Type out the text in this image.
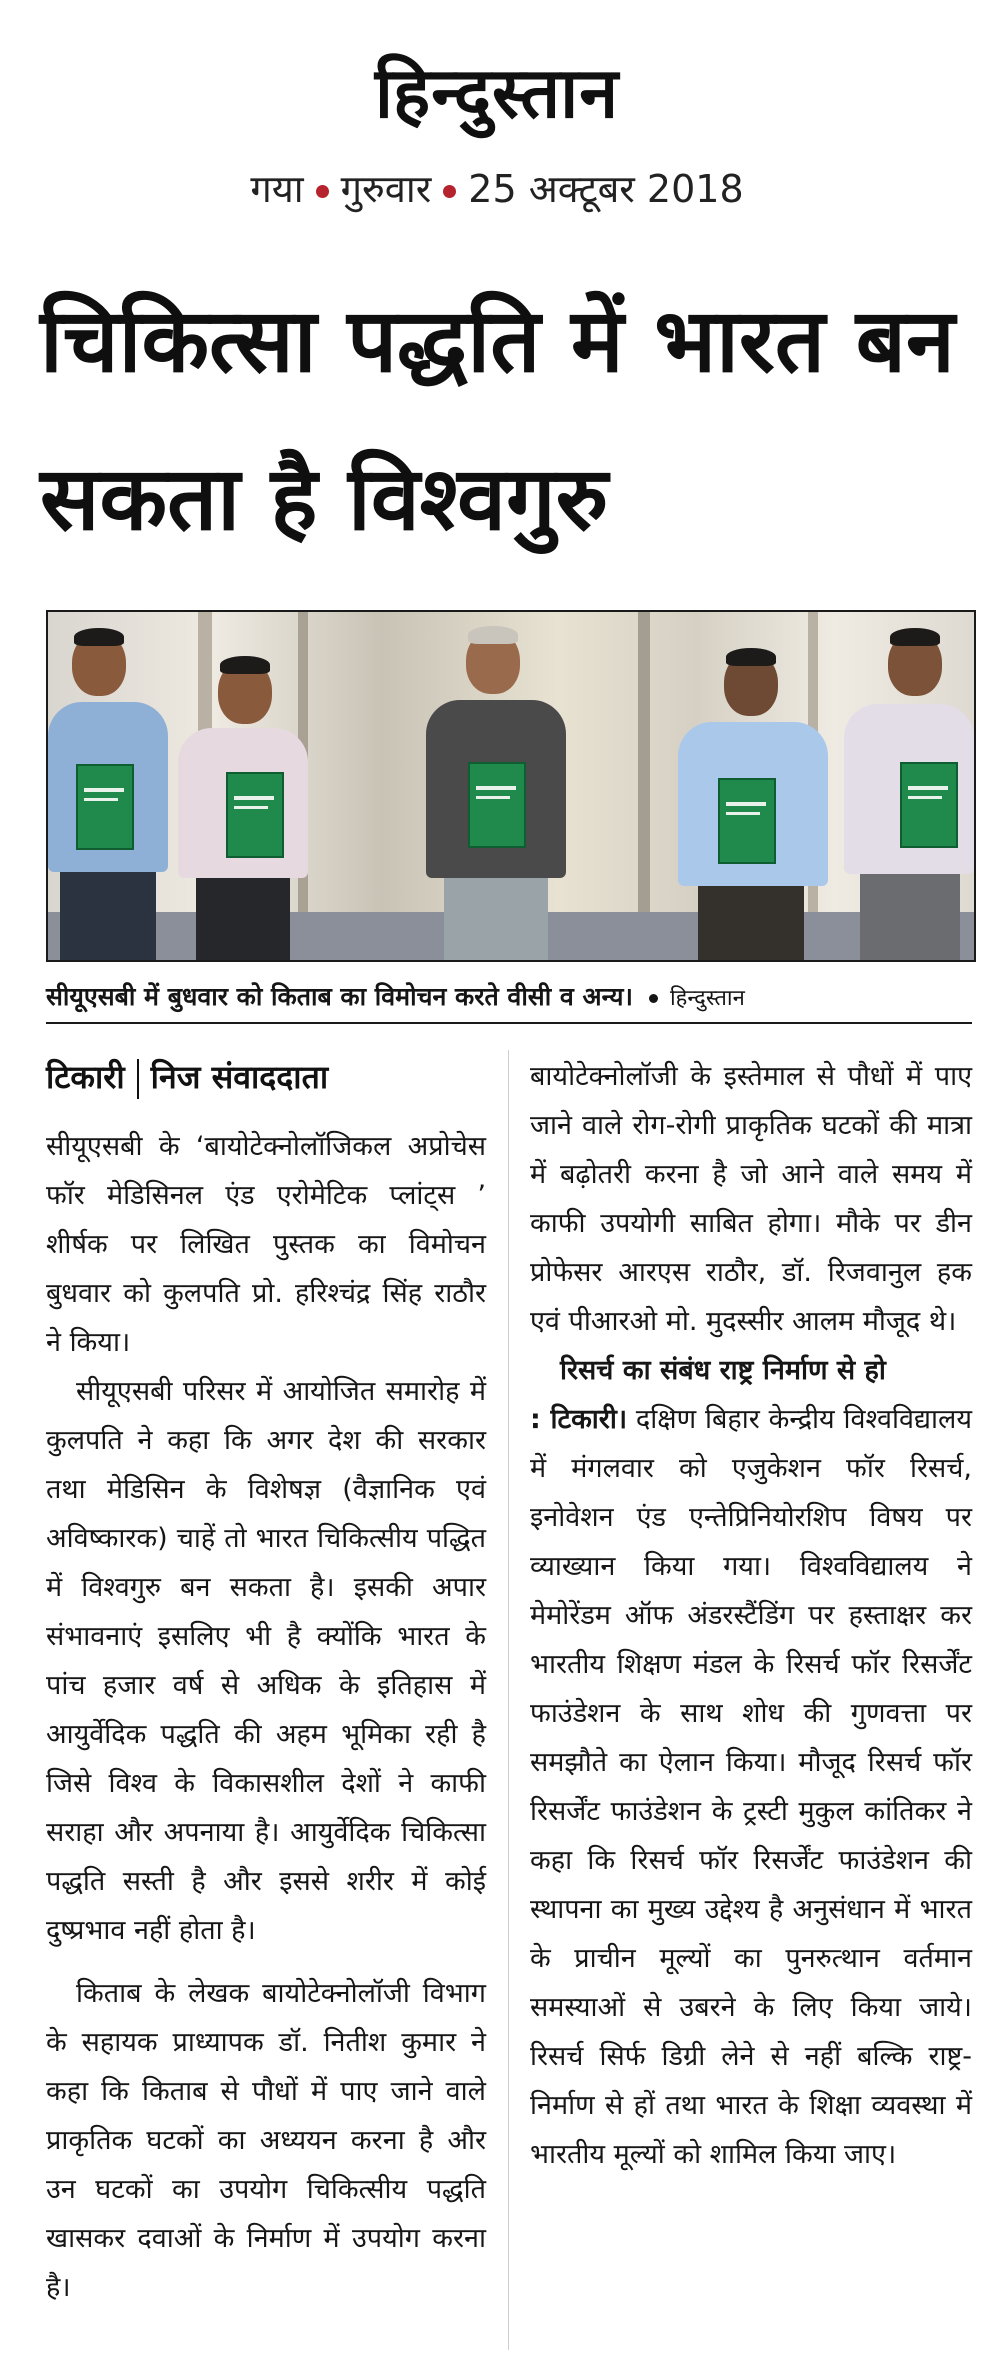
हिन्दुस्तान
गया गुरुवार 25 अक्टूबर 2018
चिकित्सा पद्धति में भारत बन सकता है विश्वगुरु
सीयूएसबी में बुधवार को किताब का विमोचन करते वीसी व अन्य। हिन्दुस्तान
टिकारी निज संवाददाता

सीयूएसबी के ‘बायोटेक्नोलॉजिकल अप्रोचेस फॉर मेडिसिनल एंड एरोमेटिक प्लांट्स ’ शीर्षक पर लिखित पुस्तक का विमोचन बुधवार को कुलपति प्रो. हरिश्चंद्र सिंह राठौर ने किया।

सीयूएसबी परिसर में आयोजित समारोह में कुलपति ने कहा कि अगर देश की सरकार तथा मेडिसिन के विशेषज्ञ (वैज्ञानिक एवं अविष्कारक) चाहें तो भारत चिकित्सीय पद्धित में विश्वगुरु बन सकता है। इसकी अपार संभावनाएं इसलिए भी है क्योंकि भारत के पांच हजार वर्ष से अधिक के इतिहास में आयुर्वेदिक पद्धति की अहम भूमिका रही है जिसे विश्व के विकासशील देशों ने काफी सराहा और अपनाया है। आयुर्वेदिक चिकित्सा पद्धति सस्ती है और इससे शरीर में कोई दुष्प्रभाव नहीं होता है।

किताब के लेखक बायोटेक्नोलॉजी विभाग के सहायक प्राध्यापक डॉ. नितीश कुमार ने कहा कि किताब से पौधों में पाए जाने वाले प्राकृतिक घटकों का अध्ययन करना है और उन घटकों का उपयोग चिकित्सीय पद्धति खासकर दवाओं के निर्माण में उपयोग करना है।

बायोटेक्नोलॉजी के इस्तेमाल से पौधों में पाए जाने वाले रोग-रोगी प्राकृतिक घटकों की मात्रा में बढ़ोतरी करना है जो आने वाले समय में काफी उपयोगी साबित होगा। मौके पर डीन प्रोफेसर आरएस राठौर, डॉ. रिजवानुल हक एवं पीआरओ मो. मुदस्सीर आलम मौजूद थे।

रिसर्च का संबंध राष्ट्र निर्माण से हो

: टिकारी। दक्षिण बिहार केन्द्रीय विश्वविद्यालय में मंगलवार को एजुकेशन फॉर रिसर्च, इनोवेशन एंड एन्तेप्रिनियोरशिप विषय पर व्याख्यान किया गया। विश्वविद्यालय ने मेमोरेंडम ऑफ अंडरस्टैंडिंग पर हस्ताक्षर कर भारतीय शिक्षण मंडल के रिसर्च फॉर रिसर्जेंट फाउंडेशन के साथ शोध की गुणवत्ता पर समझौते का ऐलान किया। मौजूद रिसर्च फॉर रिसर्जेंट फाउंडेशन के ट्रस्टी मुकुल कांतिकर ने कहा कि रिसर्च फॉर रिसर्जेंट फाउंडेशन की स्थापना का मुख्य उद्देश्य है अनुसंधान में भारत के प्राचीन मूल्यों का पुनरुत्थान वर्तमान समस्याओं से उबरने के लिए किया जाये। रिसर्च सिर्फ डिग्री लेने से नहीं बल्कि राष्ट्र-निर्माण से हों तथा भारत के शिक्षा व्यवस्था में भारतीय मूल्यों को शामिल किया जाए।
